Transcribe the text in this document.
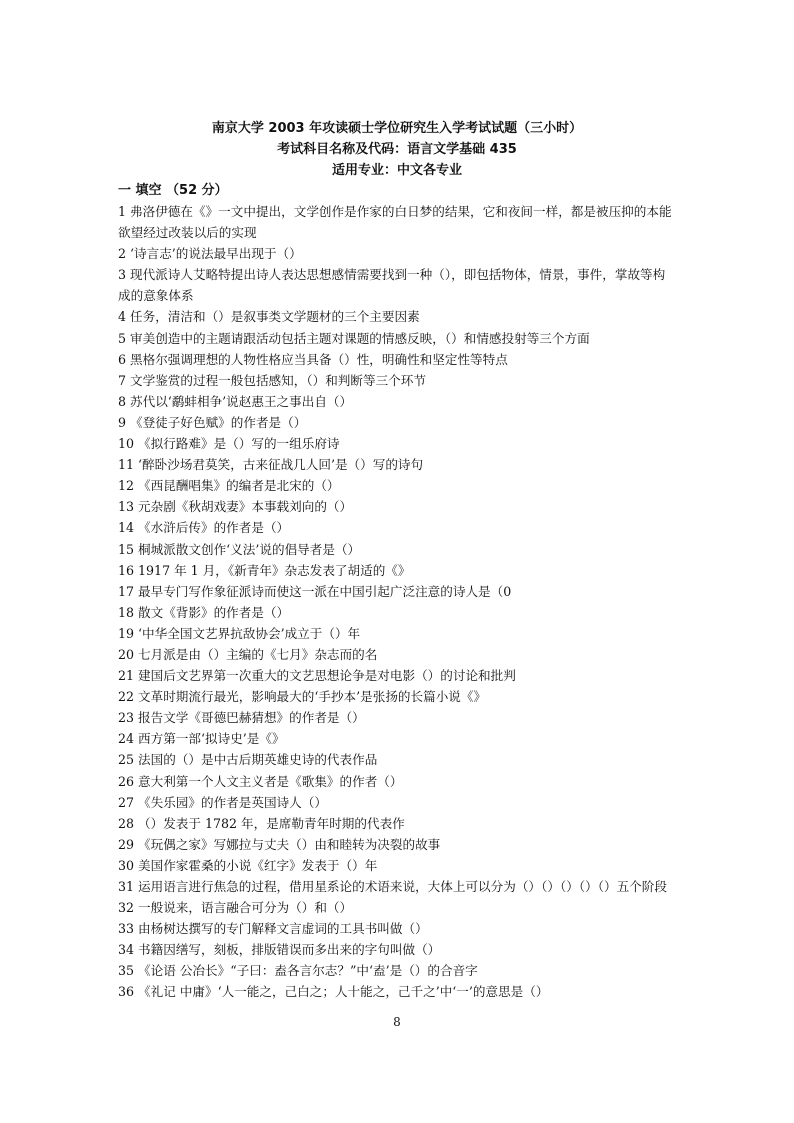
南京大学 2003 年攻读硕士学位研究生入学考试试题（三小时）
考试科目名称及代码：语言文学基础 435
适用专业：中文各专业
一 填空 （52 分）
1 弗洛伊德在《》一文中提出，文学创作是作家的白日梦的结果，它和夜间一样，都是被压抑的本能欲望经过改装以后的实现
2 ‘诗言志’的说法最早出现于（）
3 现代派诗人艾略特提出诗人表达思想感情需要找到一种（），即包括物体，情景，事件，掌故等构成的意象体系
4 任务，清洁和（）是叙事类文学题材的三个主要因素
5 审美创造中的主题请跟活动包括主题对课题的情感反映，（）和情感投射等三个方面
6 黑格尔强调理想的人物性格应当具备（）性，明确性和坚定性等特点
7 文学鉴赏的过程一般包括感知，（）和判断等三个环节
8 苏代以‘鹬蚌相争’说赵惠王之事出自（）
9 《登徒子好色赋》的作者是（）
10 《拟行路难》是（）写的一组乐府诗
11 ‘醉卧沙场君莫笑，古来征战几人回’是（）写的诗句
12 《西昆酬唱集》的编者是北宋的（）
13 元杂剧《秋胡戏妻》本事载刘向的（）
14 《水浒后传》的作者是（）
15 桐城派散文创作‘义法’说的倡导者是（）
16 1917 年 1 月，《新青年》杂志发表了胡适的《》
17 最早专门写作象征派诗而使这一派在中国引起广泛注意的诗人是（0
18 散文《背影》的作者是（）
19 ‘中华全国文艺界抗敌协会’成立于（）年
20 七月派是由（）主编的《七月》杂志而的名
21 建国后文艺界第一次重大的文艺思想论争是对电影（）的讨论和批判
22 文革时期流行最光，影响最大的‘手抄本’是张扬的长篇小说《》
23 报告文学《哥德巴赫猜想》的作者是（）
24 西方第一部‘拟诗史’是《》
25 法国的（）是中古后期英雄史诗的代表作品
26 意大利第一个人文主义者是《歌集》的作者（）
27 《失乐园》的作者是英国诗人（）
28 （）发表于 1782 年，是席勒青年时期的代表作
29 《玩偶之家》写娜拉与丈夫（）由和睦转为决裂的故事
30 美国作家霍桑的小说《红字》发表于（）年
31 运用语言进行焦急的过程，借用星系论的术语来说，大体上可以分为（）（）（）（）（）五个阶段
32 一般说来，语言融合可分为（）和（）
33 由杨树达撰写的专门解释文言虚词的工具书叫做（）
34 书籍因缮写，刻板，排版错误而多出来的字句叫做（）
35 《论语 公冶长》“子曰：盍各言尔志？”中‘盍’是（）的合音字
36 《礼记 中庸》‘人一能之，己白之；人十能之，己千之’中‘一’的意思是（）
8
